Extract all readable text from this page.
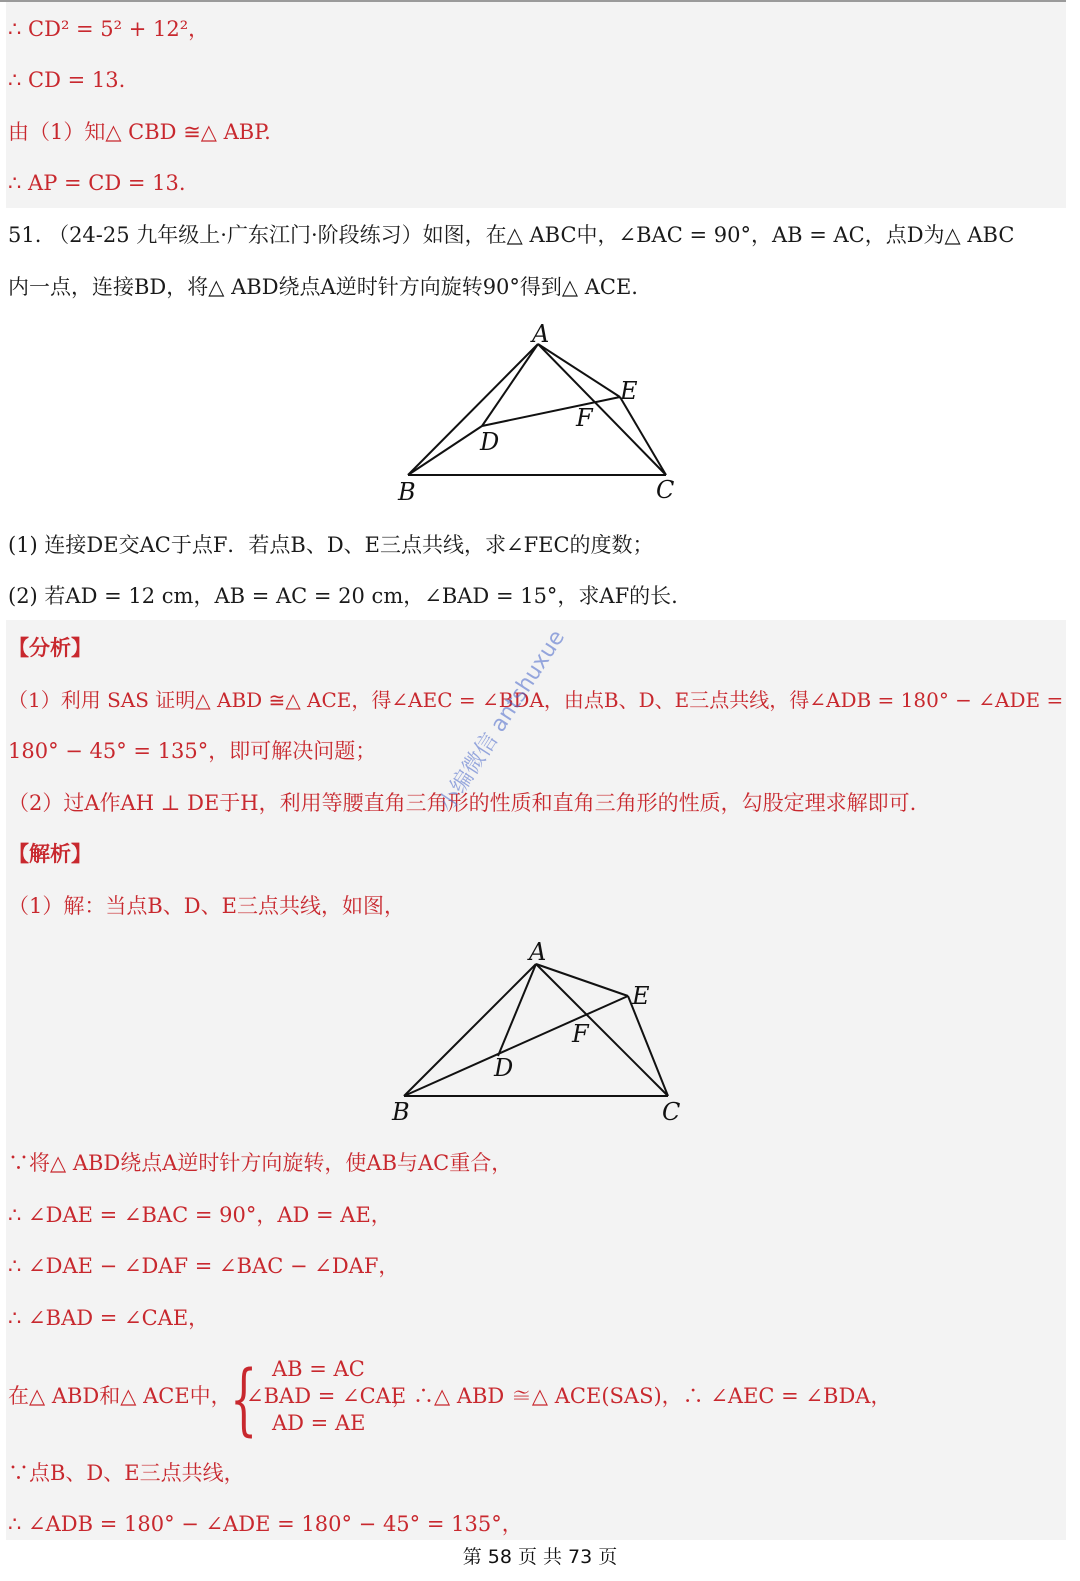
∴ CD² = 5² + 12²，
∴ CD = 13.
由（1）知△ CBD ≅△ ABP.
∴ AP = CD = 13.
51. （24-25 九年级上·广东江门·阶段练习）如图，在△ ABC中，∠BAC = 90°，AB = AC，点D为△ ABC
内一点，连接BD，将△ ABD绕点A逆时针方向旋转90°得到△ ACE.
A
B	C
D
E
F
(1) 连接DE交AC于点F．若点B、D、E三点共线，求∠FEC的度数；
(2) 若AD = 12 cm，AB = AC = 20 cm，∠BAD = 15°，求AF的长.
【分析】
（1）利用 SAS 证明△ ABD ≅△ ACE，得∠AEC = ∠BDA，由点B、D、E三点共线，得∠ADB = 180° − ∠ADE =
180° − 45° = 135°，即可解决问题；
（2）过A作AH ⊥ DE于H，利用等腰直角三角形的性质和直角三角形的性质，勾股定理求解即可.
【解析】
（1）解：当点B、D、E三点共线，如图，
A
B	C
D
E
F
∵将△ ABD绕点A逆时针方向旋转，使AB与AC重合，
∴ ∠DAE = ∠BAC = 90°，AD = AE，
∴ ∠DAE − ∠DAF = ∠BAC − ∠DAF，
∴ ∠BAD = ∠CAE，
在△ ABD和△ ACE中，
{ AB = AC
∠BAD = ∠CAE
AD = AE
，∴△ ABD ≅△ ACE(SAS)，∴ ∠AEC = ∠BDA，
∵点B、D、E三点共线，
∴ ∠ADB = 180° − ∠ADE = 180° − 45° = 135°，
小编微信 antshuxue
第 58 页 共 73 页
